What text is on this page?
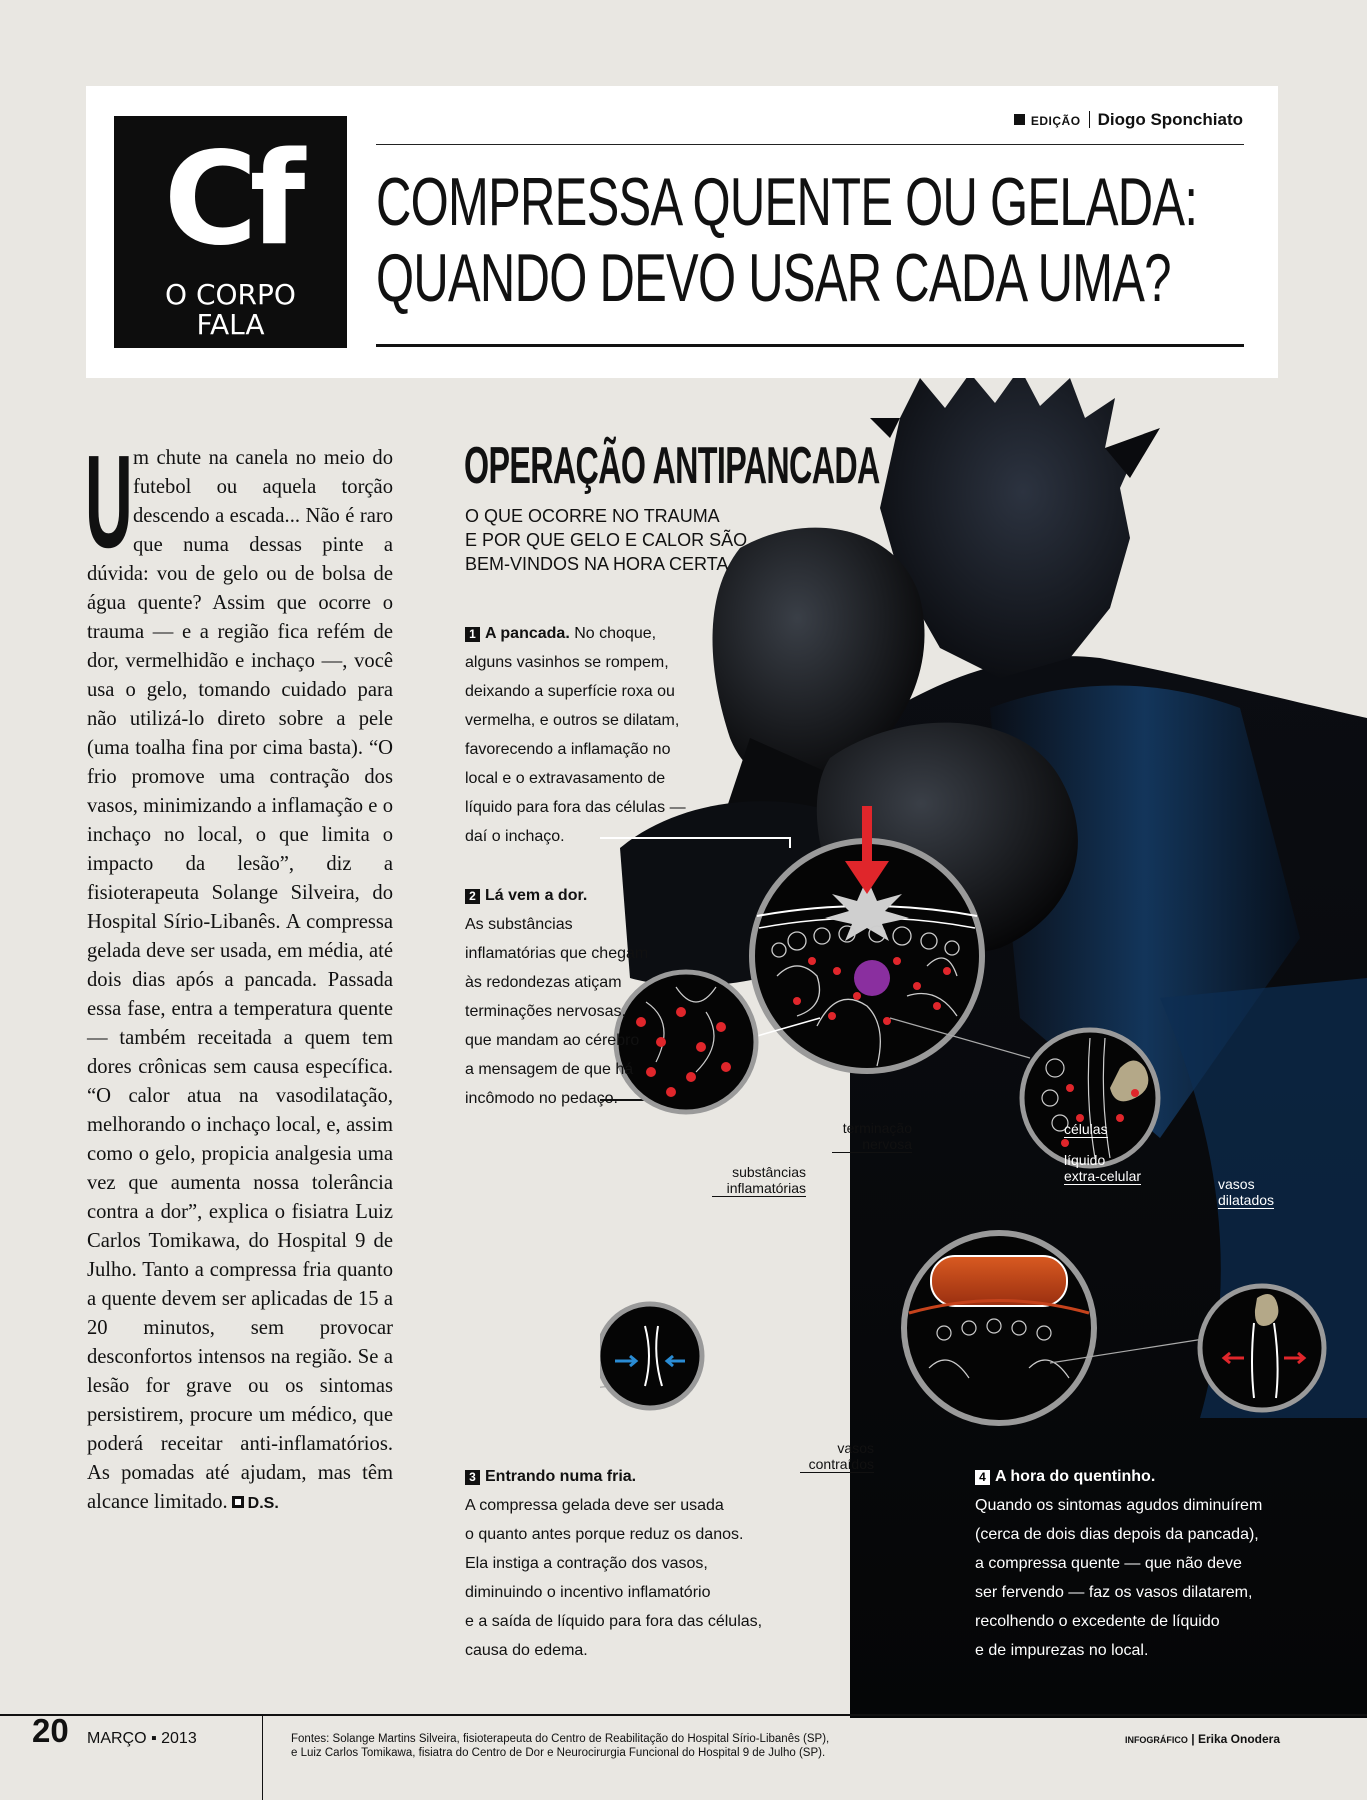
Cf
O CORPO
FALA
EDIÇÃO Diogo Sponchiato
COMPRESSA QUENTE OU GELADA:
QUANDO DEVO USAR CADA UMA?
Um chute na canela no meio do futebol ou aquela torção descendo a escada... Não é raro que numa dessas pinte a dúvida: vou de gelo ou de bolsa de água quente? Assim que ocorre o trauma — e a região fica refém de dor, vermelhidão e inchaço —, você usa o gelo, tomando cuidado para não utilizá-lo direto sobre a pele (uma toalha fina por cima basta). “O frio promove uma contração dos vasos, minimizando a inflamação e o inchaço no local, o que limita o impacto da lesão”, diz a fisioterapeuta Solange Silveira, do Hospital Sírio-Libanês. A compressa gelada deve ser usada, em média, até dois dias após a pancada. Passada essa fase, entra a temperatura quente — também receitada a quem tem dores crônicas sem causa específica. “O calor atua na vasodilatação, melhorando o inchaço local, e, assim como o gelo, propicia analgesia uma vez que aumenta nossa tolerância contra a dor”, explica o fisiatra Luiz Carlos Tomikawa, do Hospital 9 de Julho. Tanto a compressa fria quanto a quente devem ser aplicadas de 15 a 20 minutos, sem provocar desconfortos intensos na região. Se a lesão for grave ou os sintomas persistirem, procure um médico, que poderá receitar anti-inflamatórios. As pomadas até ajudam, mas têm alcance limitado. D.S.
OPERAÇÃO ANTIPANCADA
O QUE OCORRE NO TRAUMA
E POR QUE GELO E CALOR SÃO
BEM-VINDOS NA HORA CERTA
1 A pancada. No choque,
alguns vasinhos se rompem,
deixando a superfície roxa ou
vermelha, e outros se dilatam,
favorecendo a inflamação no
local e o extravasamento de
líquido para fora das células —
daí o inchaço.
2 Lá vem a dor.
As substâncias
inflamatórias que chegam
às redondezas atiçam
terminações nervosas,
que mandam ao cérebro
a mensagem de que há
incômodo no pedaço.
3 Entrando numa fria.
A compressa gelada deve ser usada
o quanto antes porque reduz os danos.
Ela instiga a contração dos vasos,
diminuindo o incentivo inflamatório
e a saída de líquido para fora das células,
causa do edema.
4 A hora do quentinho.
Quando os sintomas agudos diminuírem
(cerca de dois dias depois da pancada),
a compressa quente — que não deve
ser fervendo — faz os vasos dilatarem,
recolhendo o excedente de líquido
e de impurezas no local.
terminação
nervosa
substâncias
inflamatórias
células
líquido
extra-celular	vasos
dilatados
vasos
contraídos
20 MARÇO ▪ 2013	Fontes: Solange Martins Silveira, fisioterapeuta do Centro de Reabilitação do Hospital Sírio-Libanês (SP),
e Luiz Carlos Tomikawa, fisiatra do Centro de Dor e Neurocirurgia Funcional do Hospital 9 de Julho (SP).
INFOGRÁFICO | Erika Onodera
